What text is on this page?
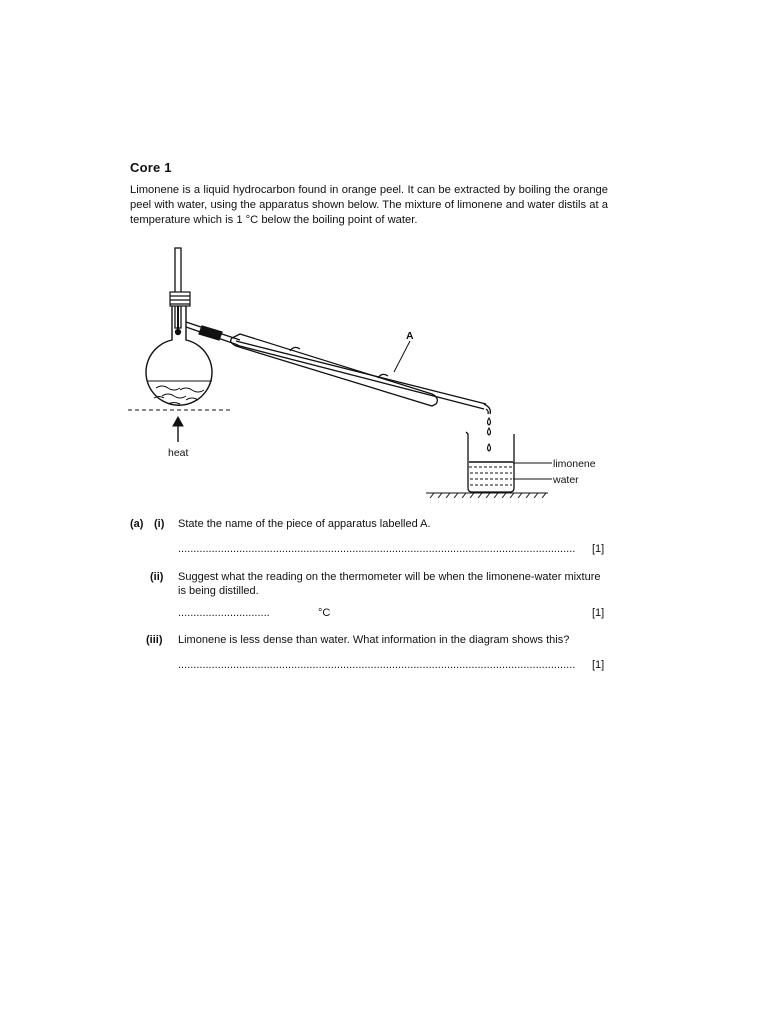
Core 1
Limonene is a liquid hydrocarbon found in orange peel. It can be extracted by boiling the orange peel with water, using the apparatus shown below. The mixture of limonene and water distils at a temperature which is 1 °C below the boiling point of water.
heat
A
limonene
water
(a) (i) State the name of the piece of apparatus labelled A.
..................................................................................................................................	[1]
(ii) Suggest what the reading on the thermometer will be when the limonene-water mixture is being distilled.
..............................	°C	[1]
(iii) Limonene is less dense than water. What information in the diagram shows this?
..................................................................................................................................	[1]
